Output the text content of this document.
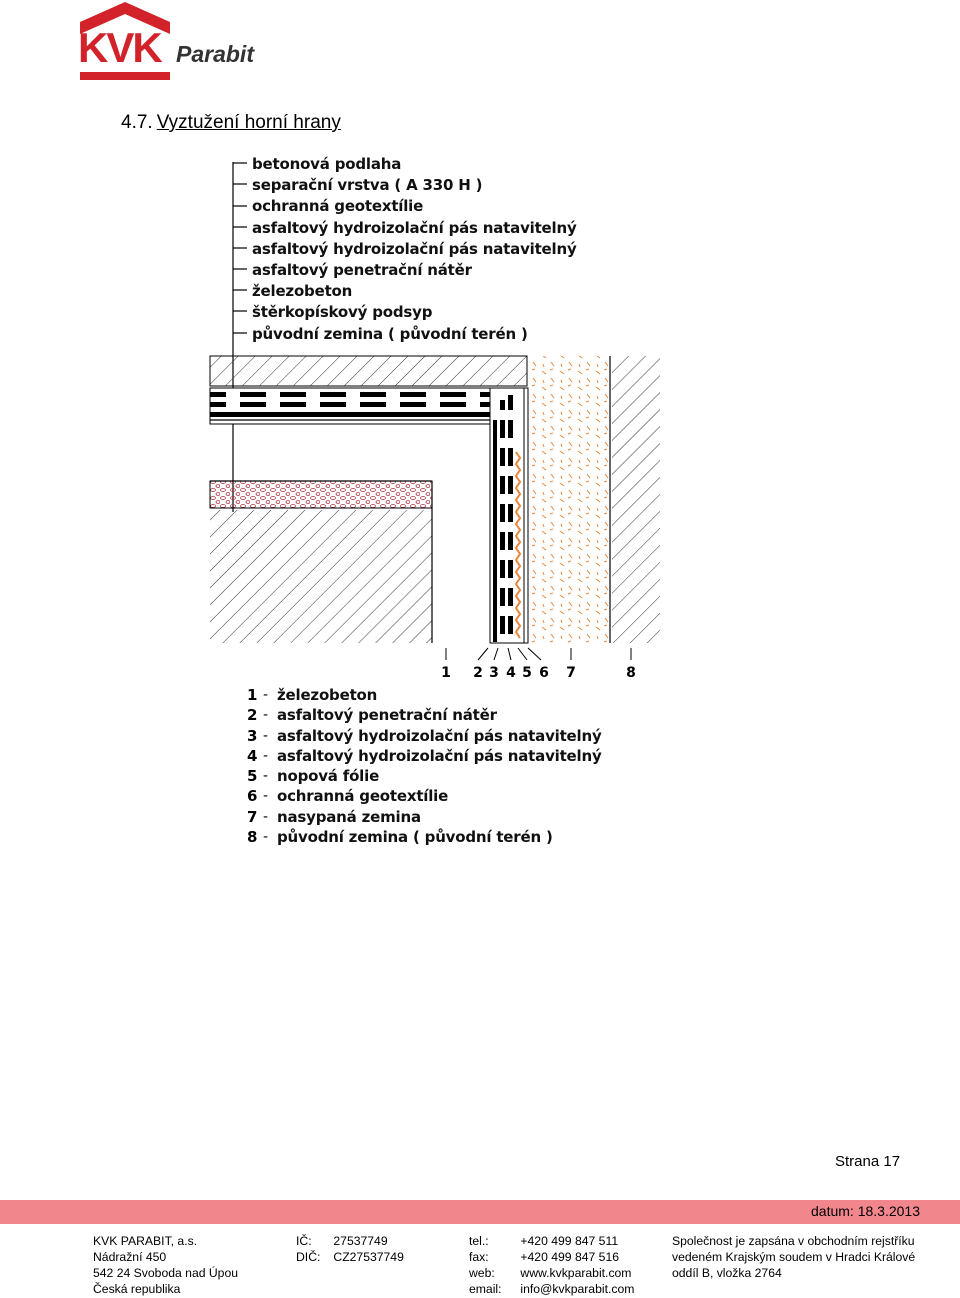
KVK Parabit
4.7. Vyztužení horní hrany
betonová podlaha
separační vrstva ( A 330 H )
ochranná geotextílie
asfaltový hydroizolační pás natavitelný
asfaltový hydroizolační pás natavitelný
asfaltový penetrační nátěr
železobeton
štěrkopískový podsyp
původní zemina ( původní terén )
1 2 3 4 5 6 7	8
1 - železobeton
2 - asfaltový penetrační nátěr
3 - asfaltový hydroizolační pás natavitelný
4 - asfaltový hydroizolační pás natavitelný
5 - nopová fólie
6 - ochranná geotextílie
7 - nasypaná zemina
8 - původní zemina ( původní terén )
Strana 17
datum: 18.3.2013
KVK PARABIT, a.s.
Nádražní 450
542 24 Svoboda nad Úpou
Česká republika
IČ: 27537749
DIČ: CZ27537749
tel.:	+420 499 847 511
fax:	+420 499 847 516
web: www.kvkparabit.com
email: info@kvkparabit.com
Společnost je zapsána v obchodním rejstříku
vedeném Krajským soudem v Hradci Králové
oddíl B, vložka 2764
